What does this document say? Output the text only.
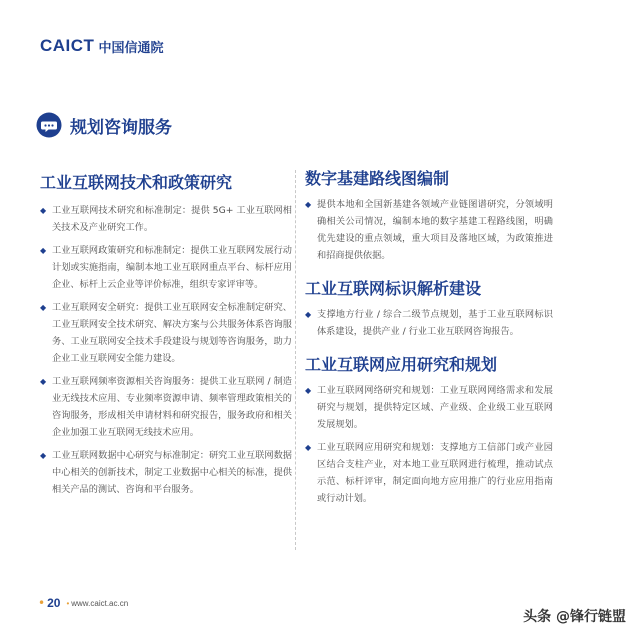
CAICT 中国信通院
规划咨询服务
工业互联网技术和政策研究
◆ 工业互联网技术研究和标准制定：提供 5G+ 工业互联网相关技术及产业研究工作。
◆ 工业互联网政策研究和标准制定：提供工业互联网发展行动计划或实施指南，编制本地工业互联网重点平台、标杆应用企业、标杆上云企业等评价标准，组织专家评审等。
◆ 工业互联网安全研究：提供工业互联网安全标准制定研究、工业互联网安全技术研究、解决方案与公共服务体系咨询服务、工业互联网安全技术手段建设与规划等咨询服务，助力企业工业互联网安全能力建设。
◆ 工业互联网频率资源相关咨询服务：提供工业互联网 / 制造业无线技术应用、专业频率资源申请、频率管理政策相关的咨询服务，形成相关申请材料和研究报告，服务政府和相关企业加强工业互联网无线技术应用。
◆ 工业互联网数据中心研究与标准制定：研究工业互联网数据中心相关的创新技术，制定工业数据中心相关的标准，提供相关产品的测试、咨询和平台服务。
数字基建路线图编制
◆ 提供本地和全国新基建各领域产业链图谱研究，分领域明确相关公司情况，编制本地的数字基建工程路线图，明确优先建设的重点领域，重大项目及落地区域，为政策推进和招商提供依据。
工业互联网标识解析建设
◆ 支撑地方行业 / 综合二级节点规划，基于工业互联网标识体系建设，提供产业 / 行业工业互联网咨询报告。
工业互联网应用研究和规划
◆ 工业互联网网络研究和规划：工业互联网网络需求和发展研究与规划，提供特定区域、产业级、企业级工业互联网发展规划。
◆ 工业互联网应用研究和规划：支撑地方工信部门或产业园区结合支柱产业，对本地工业互联网进行梳理，推动试点示范、标杆评审，制定面向地方应用推广的行业应用指南或行动计划。
• 20 • www.caict.ac.cn
头条 @锋行链盟
